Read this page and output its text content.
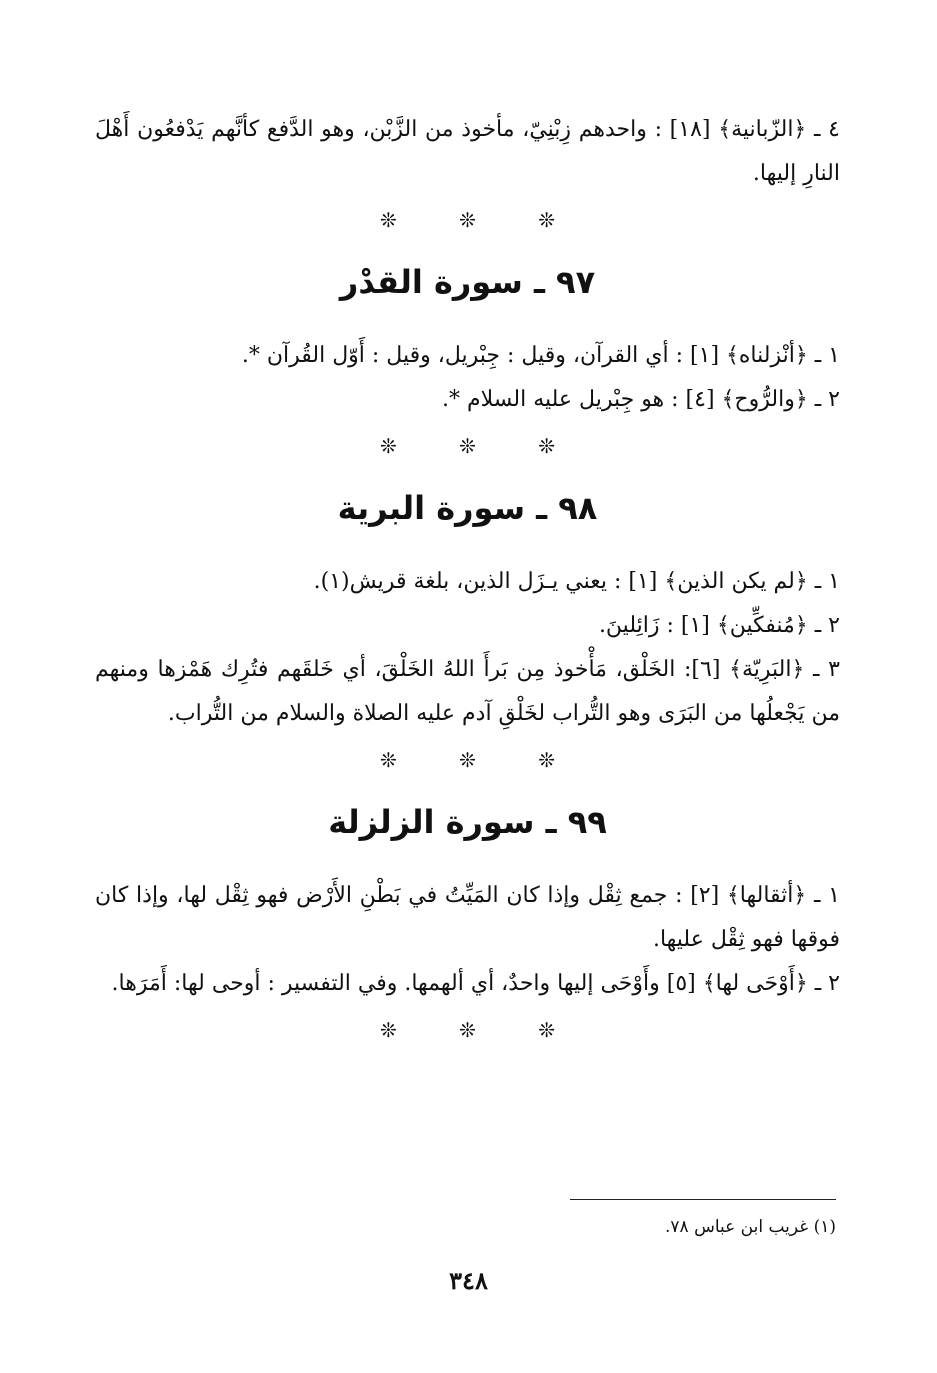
٤ ـ ﴿الزّبانية﴾ [١٨] : واحدهم زِبْنِيّ، مأخوذ من الزَّبْن، وهو الدَّفع كأنَّهم يَدْفعُون أَهْلَ النارِ إليها.

❊	❊	❊
٩٧ ـ سورة القدْر

١ ـ ﴿أنْزلناه﴾ [١] : أي القرآن، وقيل : جِبْريل، وقيل : أَوّل القُرآن *.

٢ ـ ﴿والرُّوح﴾ [٤] : هو جِبْريل عليه السلام *.

❊	❊	❊
٩٨ ـ سورة البرية

١ ـ ﴿لم يكن الذين﴾ [١] : يعني يـزَل الذين، بلغة قريش(١).

٢ ـ ﴿مُنفكِّين﴾ [١] : زَائِلينَ.

٣ ـ ﴿البَرِيّة﴾ [٦]: الخَلْق، مَأْخوذ مِن بَرأَ اللهُ الخَلْقَ، أي خَلقَهم فتُرِك هَمْزها ومنهم من يَجْعلُها من البَرَى وهو التُّراب لخَلْقِ آدم عليه الصلاة والسلام من التُّراب.

❊	❊	❊
٩٩ ـ سورة الزلزلة

١ ـ ﴿أثقالها﴾ [٢] : جمع ثِقْل وإذا كان المَيِّتُ في بَطْنِ الأَرْض فهو ثِقْل لها، وإذا كان فوقها فهو ثِقْل عليها.

٢ ـ ﴿أَوْحَى لها﴾ [٥] وأَوْحَى إليها واحدٌ، أي ألهمها. وفي التفسير : أوحى لها: أَمَرَها.

❊	❊	❊
(١) غريب ابن عباس ٧٨.
٣٤٨
